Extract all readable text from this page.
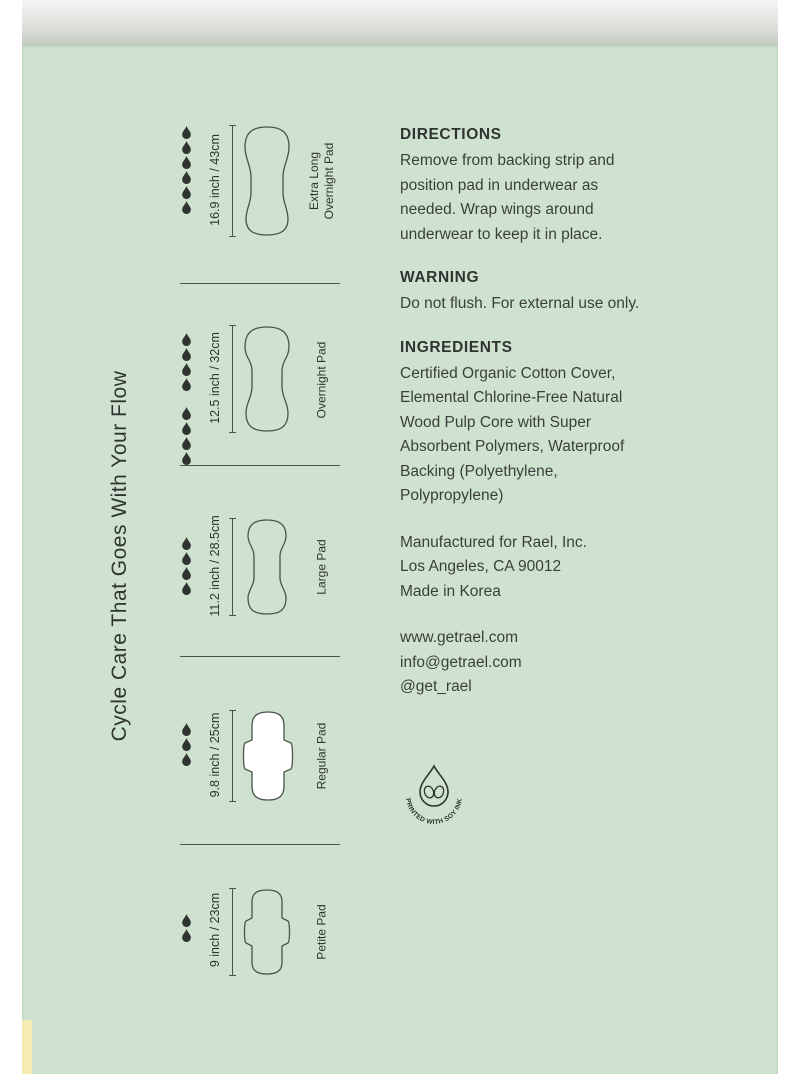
Cycle Care That Goes With Your Flow
16.9 inch / 43cm	Extra Long Overnight Pad
12.5 inch / 32cm	Overnight Pad
11.2 inch / 28.5cm	Large Pad
9.8 inch / 25cm	Regular Pad
9 inch / 23cm	Petite Pad
DIRECTIONS

Remove from backing strip and

position pad in underwear as

needed. Wrap wings around

underwear to keep it in place.

WARNING

Do not flush. For external use only.

INGREDIENTS

Certified Organic Cotton Cover,

Elemental Chlorine-Free Natural

Wood Pulp Core with Super

Absorbent Polymers, Waterproof

Backing (Polyethylene,

Polypropylene)

Manufactured for Rael, Inc.

Los Angeles, CA 90012

Made in Korea

www.getrael.com

info@getrael.com

@get_rael

PRINTED WITH SOY INK
